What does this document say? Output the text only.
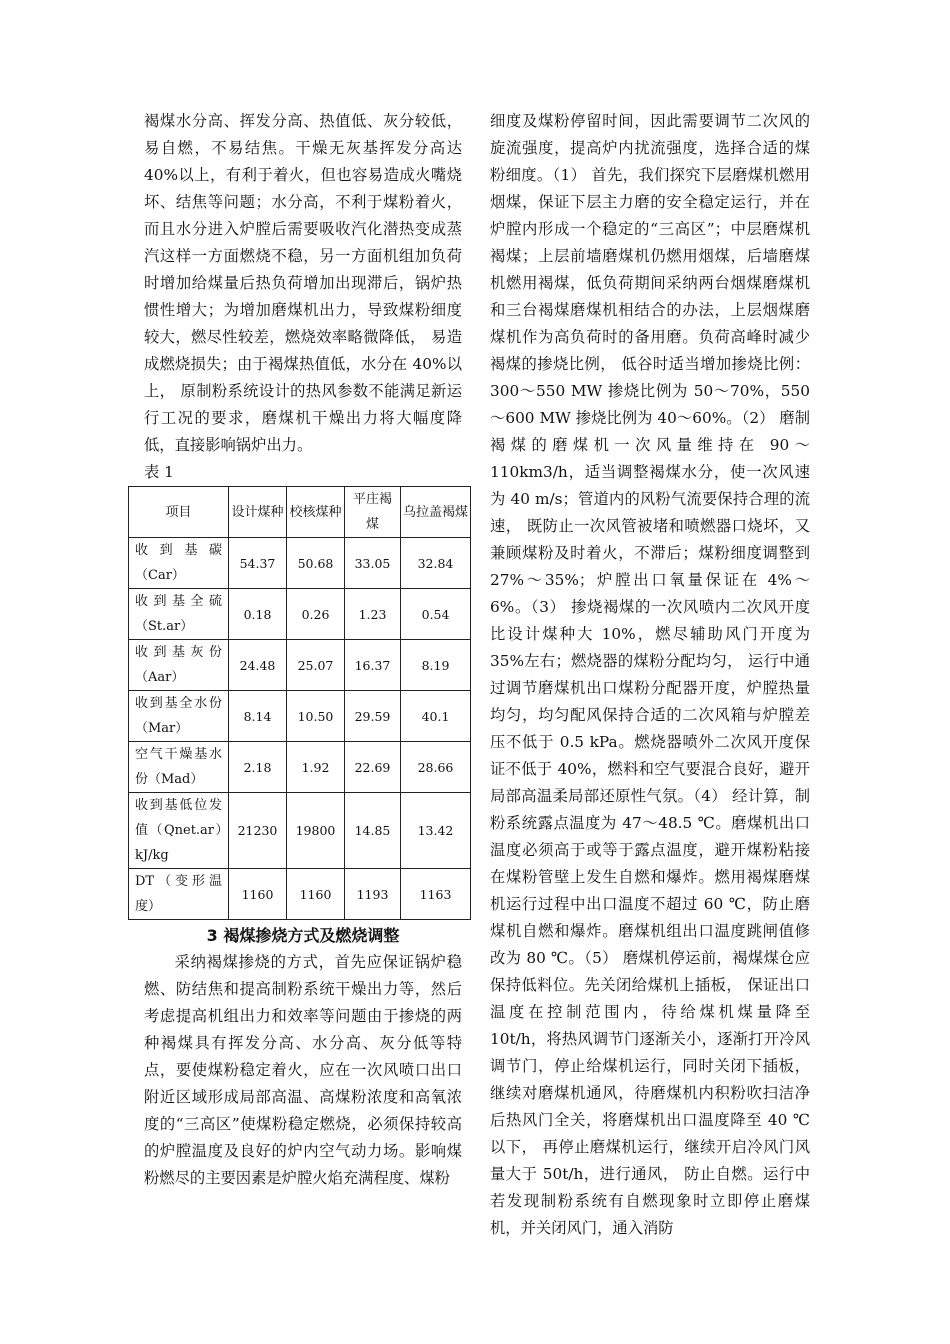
褐煤水分高、挥发分高、热值低、灰分较低，易自燃，不易结焦。干燥无灰基挥发分高达 40%以上，有利于着火，但也容易造成火嘴烧坏、结焦等问题；水分高，不利于煤粉着火，而且水分进入炉膛后需要吸收汽化潜热变成蒸汽这样一方面燃烧不稳，另一方面机组加负荷时增加给煤量后热负荷增加出现滞后，锅炉热惯性增大；为增加磨煤机出力，导致煤粉细度较大，燃尽性较差，燃烧效率略微降低， 易造成燃烧损失；由于褐煤热值低，水分在 40%以上， 原制粉系统设计的热风参数不能满足新运行工况的要求，磨煤机干燥出力将大幅度降低，直接影响锅炉出力。

表 1

项目	设计煤种	校核煤种	平庄褐煤	乌拉盖褐煤
收到基碳（Car）	54.37	50.68	33.05	32.84
收到基全硫（St.ar）	0.18	0.26	1.23	0.54
收到基灰份（Aar）	24.48	25.07	16.37	8.19
收到基全水份（Mar）	8.14	10.50	29.59	40.1
空气干燥基水份（Mad）	2.18	1.92	22.69	28.66
收到基低位发值（Qnet.ar）kJ/kg	21230	19800	14.85	13.42
DT（变形温度）	1160	1160	1193	1163

3 褐煤掺烧方式及燃烧调整

采纳褐煤掺烧的方式，首先应保证锅炉稳燃、防结焦和提高制粉系统干燥出力等，然后考虑提高机组出力和效率等问题由于掺烧的两种褐煤具有挥发分高、水分高、灰分低等特点，要使煤粉稳定着火，应在一次风喷口出口附近区域形成局部高温、高煤粉浓度和高氧浓度的“三高区”使煤粉稳定燃烧，必须保持较高的炉膛温度及良好的炉内空气动力场。影响煤粉燃尽的主要因素是炉膛火焰充满程度、煤粉

细度及煤粉停留时间，因此需要调节二次风的旋流强度，提高炉内扰流强度，选择合适的煤粉细度。（1） 首先，我们探究下层磨煤机燃用烟煤，保证下层主力磨的安全稳定运行，并在炉膛内形成一个稳定的“三高区”；中层磨煤机褐煤；上层前墙磨煤机仍燃用烟煤，后墙磨煤机燃用褐煤，低负荷期间采纳两台烟煤磨煤机和三台褐煤磨煤机相结合的办法，上层烟煤磨煤机作为高负荷时的备用磨。负荷高峰时减少褐煤的掺烧比例， 低谷时适当增加掺烧比例：300～550 MW 掺烧比例为 50～70%，550～600 MW 掺烧比例为 40～60%。（2） 磨制褐煤的磨煤机一次风量维持在 90～110km3/h，适当调整褐煤水分，使一次风速为 40 m/s；管道内的风粉气流要保持合理的流速， 既防止一次风管被堵和喷燃器口烧坏，又兼顾煤粉及时着火，不滞后；煤粉细度调整到 27%～35%；炉膛出口氧量保证在 4%～6%。（3） 掺烧褐煤的一次风喷内二次风开度比设计煤种大 10%，燃尽辅助风门开度为 35%左右；燃烧器的煤粉分配均匀， 运行中通过调节磨煤机出口煤粉分配器开度，炉膛热量均匀，均匀配风保持合适的二次风箱与炉膛差压不低于 0.5 kPa。燃烧器喷外二次风开度保证不低于 40%，燃料和空气要混合良好，避开局部高温柔局部还原性气氛。（4） 经计算，制粉系统露点温度为 47～48.5 ℃。磨煤机出口温度必须高于或等于露点温度，避开煤粉粘接在煤粉管壁上发生自燃和爆炸。燃用褐煤磨煤机运行过程中出口温度不超过 60 ℃，防止磨煤机自燃和爆炸。磨煤机组出口温度跳闸值修改为 80 ℃。（5） 磨煤机停运前，褐煤煤仓应保持低料位。先关闭给煤机上插板， 保证出口温度在控制范围内，待给煤机煤量降至 10t/h，将热风调节门逐渐关小，逐渐打开冷风调节门，停止给煤机运行，同时关闭下插板，继续对磨煤机通风，待磨煤机内积粉吹扫洁净后热风门全关，将磨煤机出口温度降至 40 ℃以下， 再停止磨煤机运行，继续开启冷风门风量大于 50t/h，进行通风， 防止自燃。运行中若发现制粉系统有自燃现象时立即停止磨煤机，并关闭风门，通入消防
